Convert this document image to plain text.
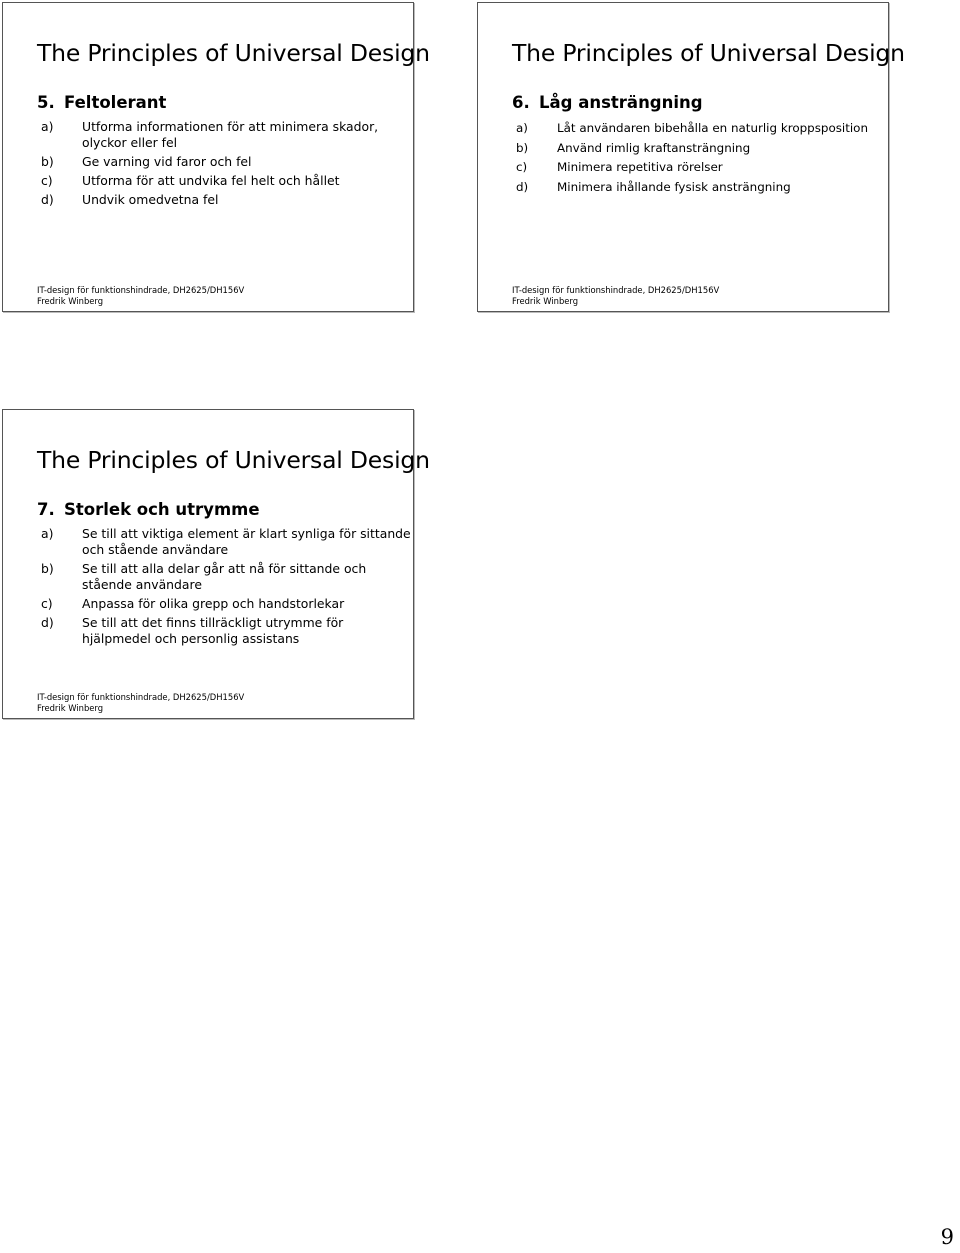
The Principles of Universal Design
5. Feltolerant
a) Utforma informationen för att minimera skador, olyckor eller fel
b) Ge varning vid faror och fel
c) Utforma för att undvika fel helt och hållet
d) Undvik omedvetna fel
IT-design för funktionshindrade, DH2625/DH156V
Fredrik Winberg
The Principles of Universal Design
6. Låg ansträngning
a) Låt användaren bibehålla en naturlig kroppsposition
b) Använd rimlig kraftansträngning
c)	Minimera repetitiva rörelser
d) Minimera ihållande fysisk ansträngning
IT-design för funktionshindrade, DH2625/DH156V
Fredrik Winberg
The Principles of Universal Design
7. Storlek och utrymme
a) Se till att viktiga element är klart synliga för sittande och stående användare
b) Se till att alla delar går att nå för sittande och stående användare
c) Anpassa för olika grepp och handstorlekar
d) Se till att det finns tillräckligt utrymme för hjälpmedel och personlig assistans
IT-design för funktionshindrade, DH2625/DH156V
Fredrik Winberg
9
